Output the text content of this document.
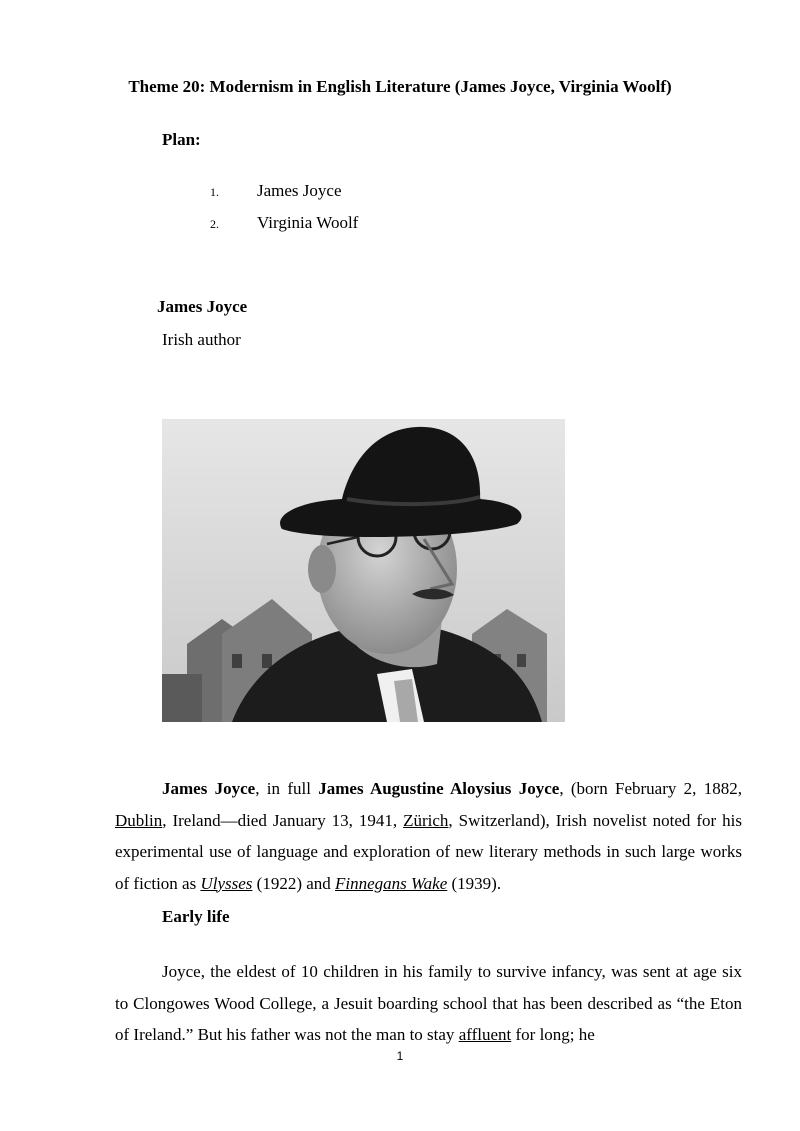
Theme 20: Modernism in English Literature (James Joyce, Virginia Woolf)
Plan:
1. James Joyce
2. Virginia Woolf
James Joyce
Irish author
James Joyce, in full James Augustine Aloysius Joyce, (born February 2, 1882, Dublin, Ireland—died January 13, 1941, Zürich, Switzerland), Irish novelist noted for his experimental use of language and exploration of new literary methods in such large works of fiction as Ulysses (1922) and Finnegans Wake (1939).
Early life
Joyce, the eldest of 10 children in his family to survive infancy, was sent at age six to Clongowes Wood College, a Jesuit boarding school that has been described as “the Eton of Ireland.” But his father was not the man to stay affluent for long; he
1
